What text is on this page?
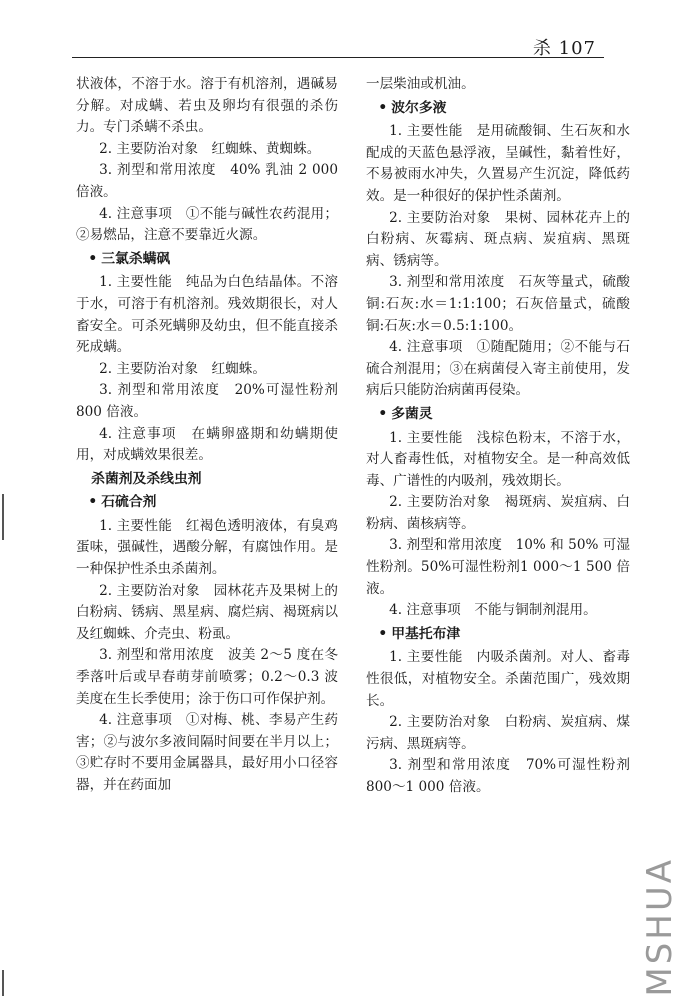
杀 107

状液体，不溶于水。溶于有机溶剂，遇碱易分解。对成螨、若虫及卵均有很强的杀伤力。专门杀螨不杀虫。

2. 主要防治对象　红蜘蛛、黄蜘蛛。

3. 剂型和常用浓度　40% 乳油 2 000倍液。

4. 注意事项　①不能与碱性农药混用；②易燃品，注意不要靠近火源。

• 三氯杀螨砜

1. 主要性能　纯品为白色结晶体。不溶于水，可溶于有机溶剂。残效期很长，对人畜安全。可杀死螨卵及幼虫，但不能直接杀死成螨。

2. 主要防治对象　红蜘蛛。

3. 剂型和常用浓度　20%可湿性粉剂 800 倍液。

4. 注意事项　在螨卵盛期和幼螨期使用，对成螨效果很差。

杀菌剂及杀线虫剂

• 石硫合剂

1. 主要性能　红褐色透明液体，有臭鸡蛋味，强碱性，遇酸分解，有腐蚀作用。是一种保护性杀虫杀菌剂。

2. 主要防治对象　园林花卉及果树上的白粉病、锈病、黑星病、腐烂病、褐斑病以及红蜘蛛、介壳虫、粉虱。

3. 剂型和常用浓度　波美 2～5 度在冬季落叶后或早春萌芽前喷雾；0.2～0.3 波美度在生长季使用；涂于伤口可作保护剂。

4. 注意事项　①对梅、桃、李易产生药害；②与波尔多液间隔时间要在半月以上；③贮存时不要用金属器具，最好用小口径容器，并在药面加

一层柴油或机油。

• 波尔多液

1. 主要性能　是用硫酸铜、生石灰和水配成的天蓝色悬浮液，呈碱性，黏着性好，不易被雨水冲失，久置易产生沉淀，降低药效。是一种很好的保护性杀菌剂。

2. 主要防治对象　果树、园林花卉上的白粉病、灰霉病、斑点病、炭疽病、黑斑病、锈病等。

3. 剂型和常用浓度　石灰等量式，硫酸铜:石灰:水＝1:1:100；石灰倍量式，硫酸铜:石灰:水＝0.5:1:100。

4. 注意事项　①随配随用；②不能与石硫合剂混用；③在病菌侵入寄主前使用，发病后只能防治病菌再侵染。

• 多菌灵

1. 主要性能　浅棕色粉末，不溶于水，对人畜毒性低，对植物安全。是一种高效低毒、广谱性的内吸剂，残效期长。

2. 主要防治对象　褐斑病、炭疽病、白粉病、菌核病等。

3. 剂型和常用浓度　10% 和 50% 可湿性粉剂。50%可湿性粉剂1 000～1 500 倍液。

4. 注意事项　不能与铜制剂混用。

• 甲基托布津

1. 主要性能　内吸杀菌剂。对人、畜毒性很低，对植物安全。杀菌范围广，残效期长。

2. 主要防治对象　白粉病、炭疽病、煤污病、黑斑病等。

3. 剂型和常用浓度　70%可湿性粉剂 800～1 000 倍液。

MSHUA
